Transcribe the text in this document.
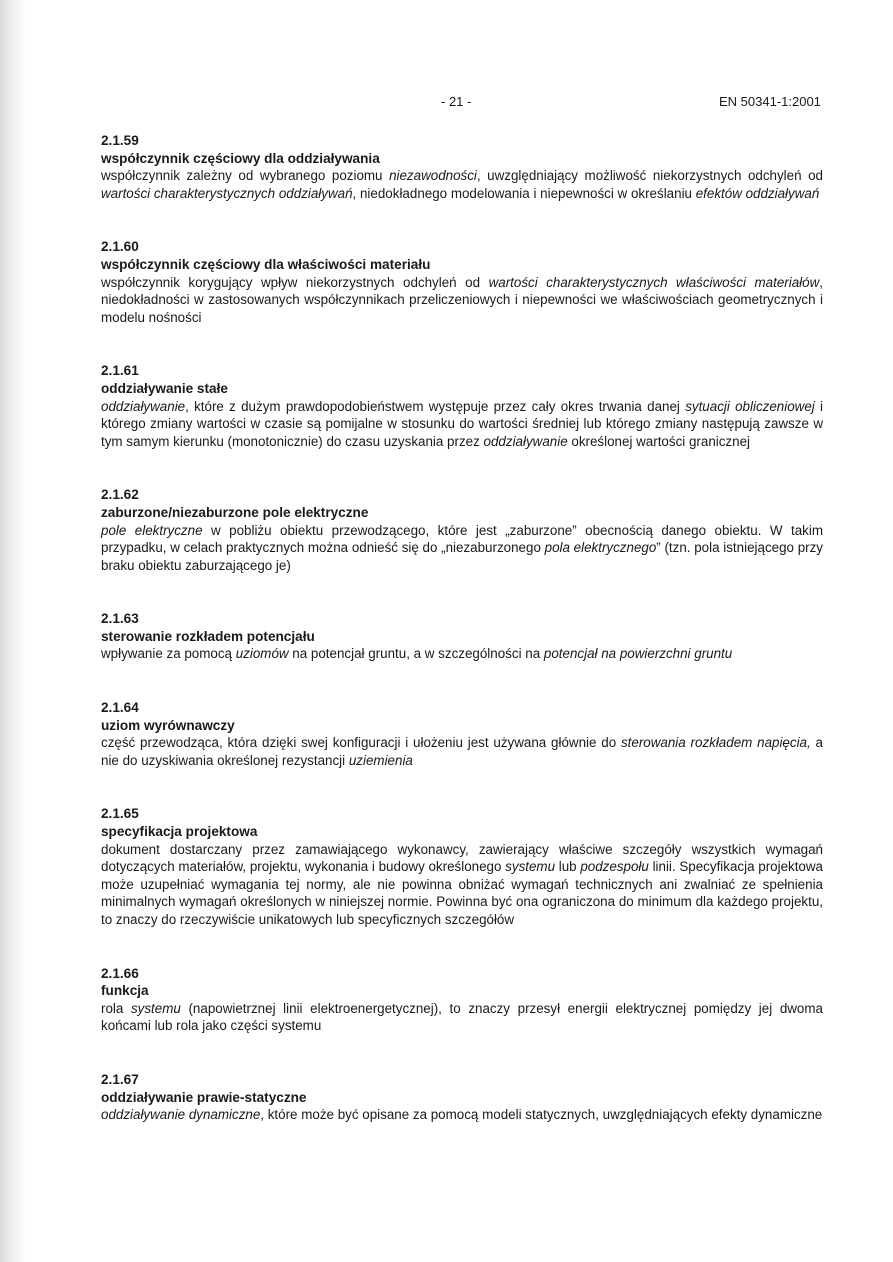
- 21 -	EN 50341-1:2001

2.1.59

współczynnik częściowy dla oddziaływania

współczynnik zależny od wybranego poziomu niezawodności, uwzględniający możliwość niekorzystnych odchyleń od wartości charakterystycznych oddziaływań, niedokładnego modelowania i niepewności w określaniu efektów oddziaływań

2.1.60

współczynnik częściowy dla właściwości materiału

współczynnik korygujący wpływ niekorzystnych odchyleń od wartości charakterystycznych właściwości materiałów, niedokładności w zastosowanych współczynnikach przeliczeniowych i niepewności we właściwościach geometrycznych i modelu nośności

2.1.61

oddziaływanie stałe

oddziaływanie, które z dużym prawdopodobieństwem występuje przez cały okres trwania danej sytuacji obliczeniowej i którego zmiany wartości w czasie są pomijalne w stosunku do wartości średniej lub którego zmiany następują zawsze w tym samym kierunku (monotonicznie) do czasu uzyskania przez oddziaływanie określonej wartości granicznej

2.1.62

zaburzone/niezaburzone pole elektryczne

pole elektryczne w pobliżu obiektu przewodzącego, które jest „zaburzone” obecnością danego obiektu. W takim przypadku, w celach praktycznych można odnieść się do „niezaburzonego pola elektrycznego” (tzn. pola istniejącego przy braku obiektu zaburzającego je)

2.1.63

sterowanie rozkładem potencjału

wpływanie za pomocą uziomów na potencjał gruntu, a w szczególności na potencjał na powierzchni gruntu

2.1.64

uziom wyrównawczy

część przewodząca, która dzięki swej konfiguracji i ułożeniu jest używana głównie do sterowania rozkładem napięcia, a nie do uzyskiwania określonej rezystancji uziemienia

2.1.65

specyfikacja projektowa

dokument dostarczany przez zamawiającego wykonawcy, zawierający właściwe szczegóły wszystkich wymagań dotyczących materiałów, projektu, wykonania i budowy określonego systemu lub podzespołu linii. Specyfikacja projektowa może uzupełniać wymagania tej normy, ale nie powinna obniżać wymagań technicznych ani zwalniać ze spełnienia minimalnych wymagań określonych w niniejszej normie. Powinna być ona ograniczona do minimum dla każdego projektu, to znaczy do rzeczywiście unikatowych lub specyficznych szczegółów

2.1.66

funkcja

rola systemu (napowietrznej linii elektroenergetycznej), to znaczy przesył energii elektrycznej pomiędzy jej dwoma końcami lub rola jako części systemu

2.1.67

oddziaływanie prawie-statyczne

oddziaływanie dynamiczne, które może być opisane za pomocą modeli statycznych, uwzględniających efekty dynamiczne
